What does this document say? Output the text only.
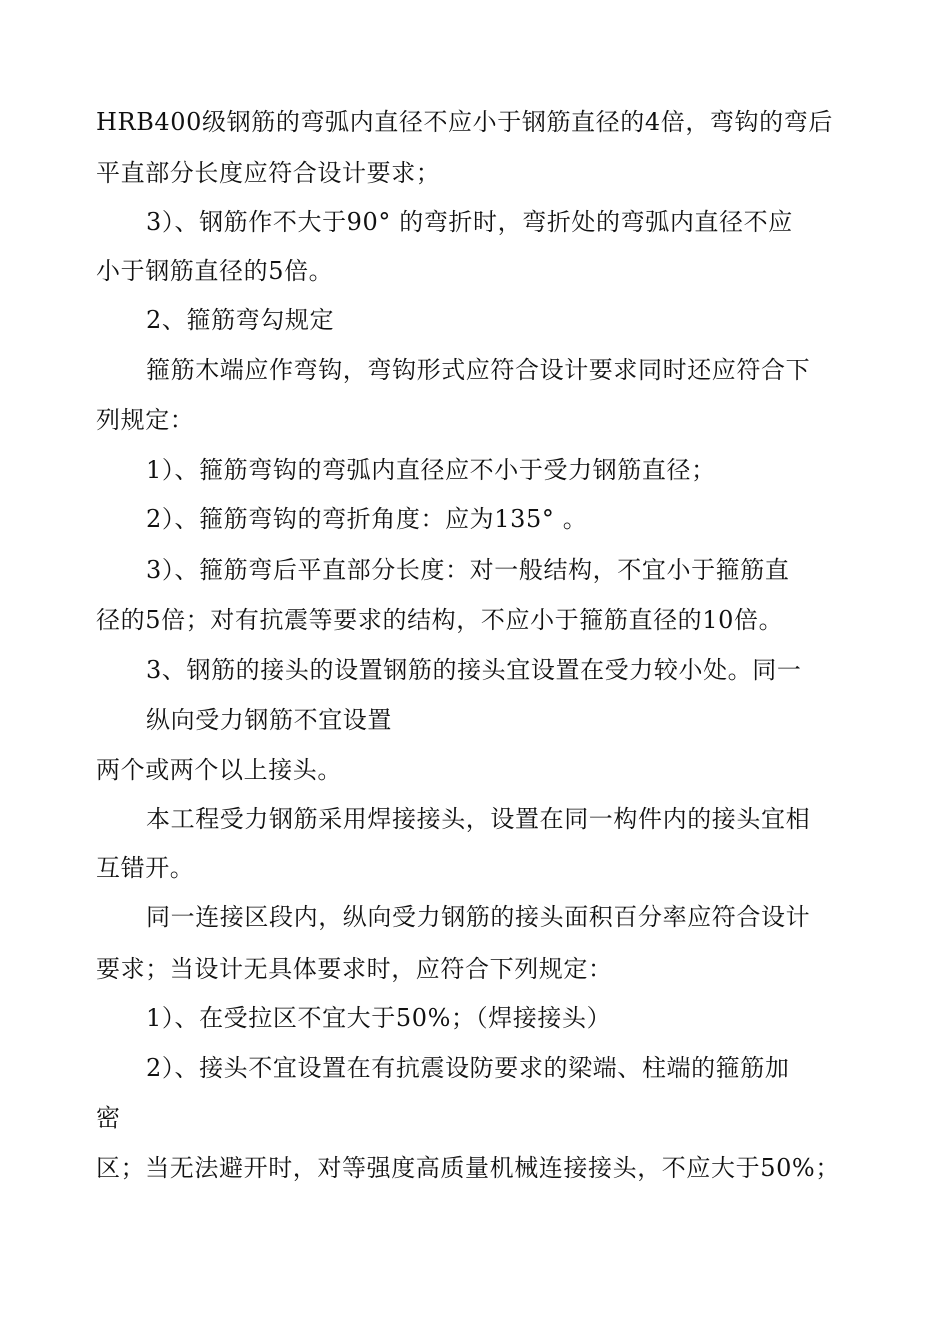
HRB400级钢筋的弯弧内直径不应小于钢筋直径的4倍，弯钩的弯后
平直部分长度应符合设计要求；
3）、钢筋作不大于90° 的弯折时，弯折处的弯弧内直径不应
小于钢筋直径的5倍。
2、箍筋弯勾规定
箍筋木端应作弯钩，弯钩形式应符合设计要求同时还应符合下
列规定：
1）、箍筋弯钩的弯弧内直径应不小于受力钢筋直径；
2）、箍筋弯钩的弯折角度：应为135° 。
3）、箍筋弯后平直部分长度：对一般结构，不宜小于箍筋直
径的5倍；对有抗震等要求的结构，不应小于箍筋直径的10倍。
3、钢筋的接头的设置钢筋的接头宜设置在受力较小处。同一
纵向受力钢筋不宜设置
两个或两个以上接头。
本工程受力钢筋采用焊接接头，设置在同一构件内的接头宜相
互错开。
同一连接区段内，纵向受力钢筋的接头面积百分率应符合设计
要求；当设计无具体要求时，应符合下列规定：
1）、在受拉区不宜大于50%；（焊接接头）
2）、接头不宜设置在有抗震设防要求的梁端、柱端的箍筋加
密
区；当无法避开时，对等强度高质量机械连接接头，不应大于50%；
